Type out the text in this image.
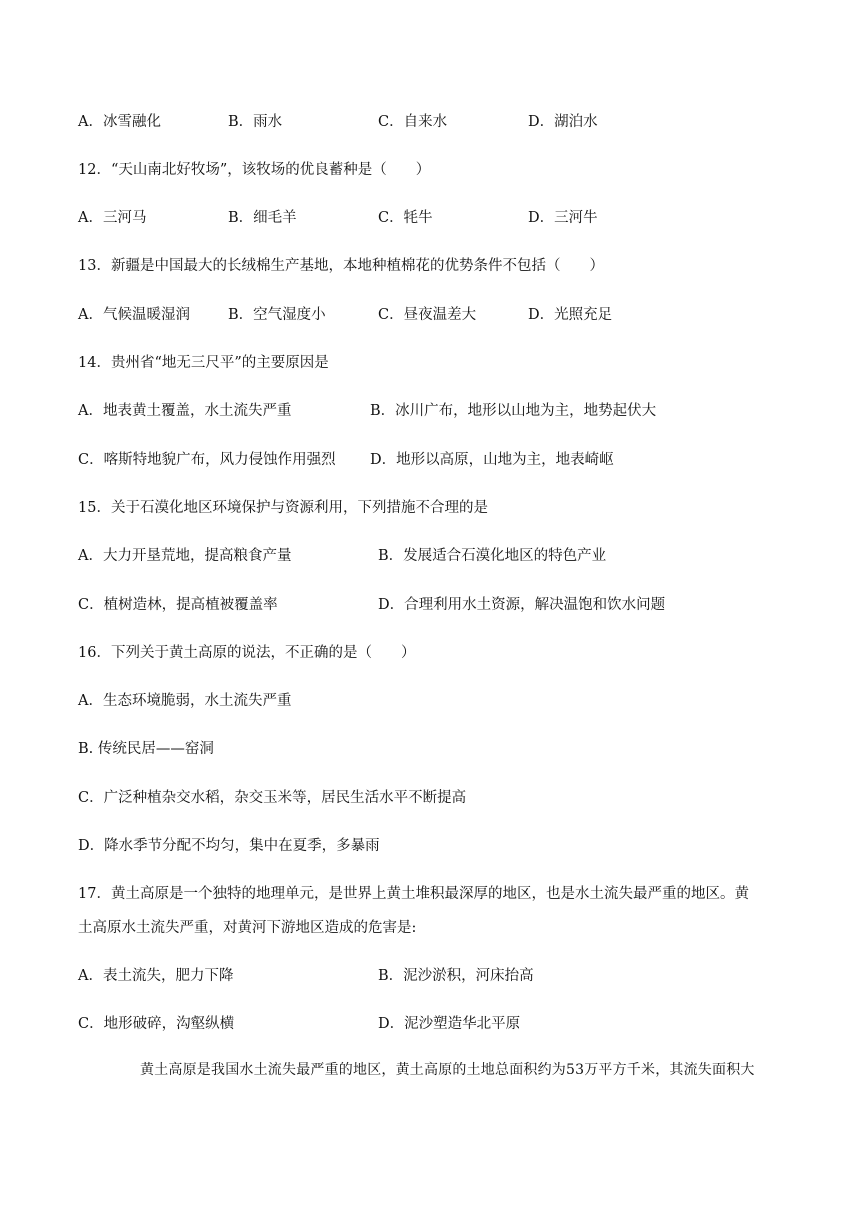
A．冰雪融化	B．雨水	C．自来水	D．湖泊水
12．“天山南北好牧场”，该牧场的优良蓄种是（　　）
A．三河马	B．细毛羊	C．牦牛	D．三河牛
13．新疆是中国最大的长绒棉生产基地，本地种植棉花的优势条件不包括（　　）
A．气候温暖湿润	B．空气湿度小	C．昼夜温差大	D．光照充足
14．贵州省“地无三尺平”的主要原因是
A．地表黄土覆盖，水土流失严重	B．冰川广布，地形以山地为主，地势起伏大
C．喀斯特地貌广布，风力侵蚀作用强烈 D．地形以高原，山地为主，地表崎岖
15．关于石漠化地区环境保护与资源利用，下列措施不合理的是
A．大力开垦荒地，提高粮食产量	B．发展适合石漠化地区的特色产业
C．植树造林，提高植被覆盖率	D．合理利用水土资源，解决温饱和饮水问题
16．下列关于黄土高原的说法，不正确的是（　　）
A．生态环境脆弱，水土流失严重
B. 传统民居——窑洞
C．广泛种植杂交水稻，杂交玉米等，居民生活水平不断提高
D．降水季节分配不均匀，集中在夏季，多暴雨
17．黄土高原是一个独特的地理单元，是世界上黄土堆积最深厚的地区，也是水土流失最严重的地区。黄
土高原水土流失严重，对黄河下游地区造成的危害是:
A．表土流失，肥力下降	B．泥沙淤积，河床抬高
C．地形破碎，沟壑纵横	D．泥沙塑造华北平原
黄土高原是我国水土流失最严重的地区，黄土高原的土地总面积约为53万平方千米，其流失面积大
